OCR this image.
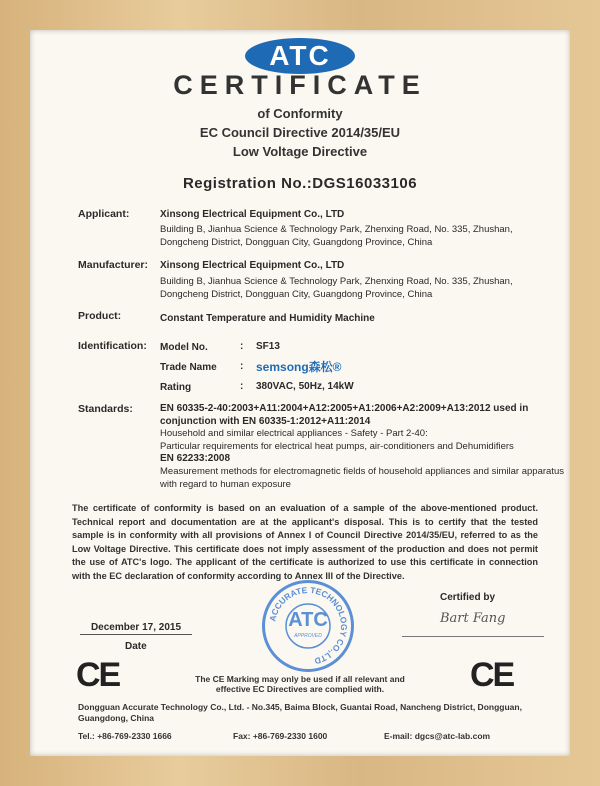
ATC
CERTIFICATE
of Conformity
EC Council Directive 2014/35/EU
Low Voltage Directive
Registration No.:DGS16033106
Applicant:	Xinsong Electrical Equipment Co., LTD
Building B, Jianhua Science & Technology Park, Zhenxing Road, No. 335, Zhushan, Dongcheng District, Dongguan City, Guangdong Province, China
Manufacturer: Xinsong Electrical Equipment Co., LTD
Building B, Jianhua Science & Technology Park, Zhenxing Road, No. 335, Zhushan, Dongcheng District, Dongguan City, Guangdong Province, China
Product:	Constant Temperature and Humidity Machine
Identification: Model No.	: SF13
Trade Name	: semsong森松®
Rating	: 380VAC, 50Hz, 14kW
Standards:	EN 60335-2-40:2003+A11:2004+A12:2005+A1:2006+A2:2009+A13:2012 used in conjunction with EN 60335-1:2012+A11:2014
Household and similar electrical appliances - Safety - Part 2-40:
Particular requirements for electrical heat pumps, air-conditioners and Dehumidifiers
EN 62233:2008
Measurement methods for electromagnetic fields of household appliances and similar apparatus with regard to human exposure
The certificate of conformity is based on an evaluation of a sample of the above-mentioned product. Technical report and documentation are at the applicant's disposal. This is to certify that the tested sample is in conformity with all provisions of Annex I of Council Directive 2014/35/EU, referred to as the Low Voltage Directive. This certificate does not imply assessment of the production and does not permit the use of ATC's logo. The applicant of the certificate is authorized to use this certificate in connection with the EC declaration of conformity according to Annex III of the Directive.
December 17, 2015
Date
Certified by
Bart Fang
ACCURATE TECHNOLOGY CO.,LTD
ATC
APPROVED
CE	CE
The CE Marking may only be used if all relevant and
effective EC Directives are complied with.
Dongguan Accurate Technology Co., Ltd. - No.345, Baima Block, Guantai Road, Nancheng District, Dongguan, Guangdong, China
Tel.: +86-769-2330 1666	Fax: +86-769-2330 1600	E-mail: dgcs@atc-lab.com
